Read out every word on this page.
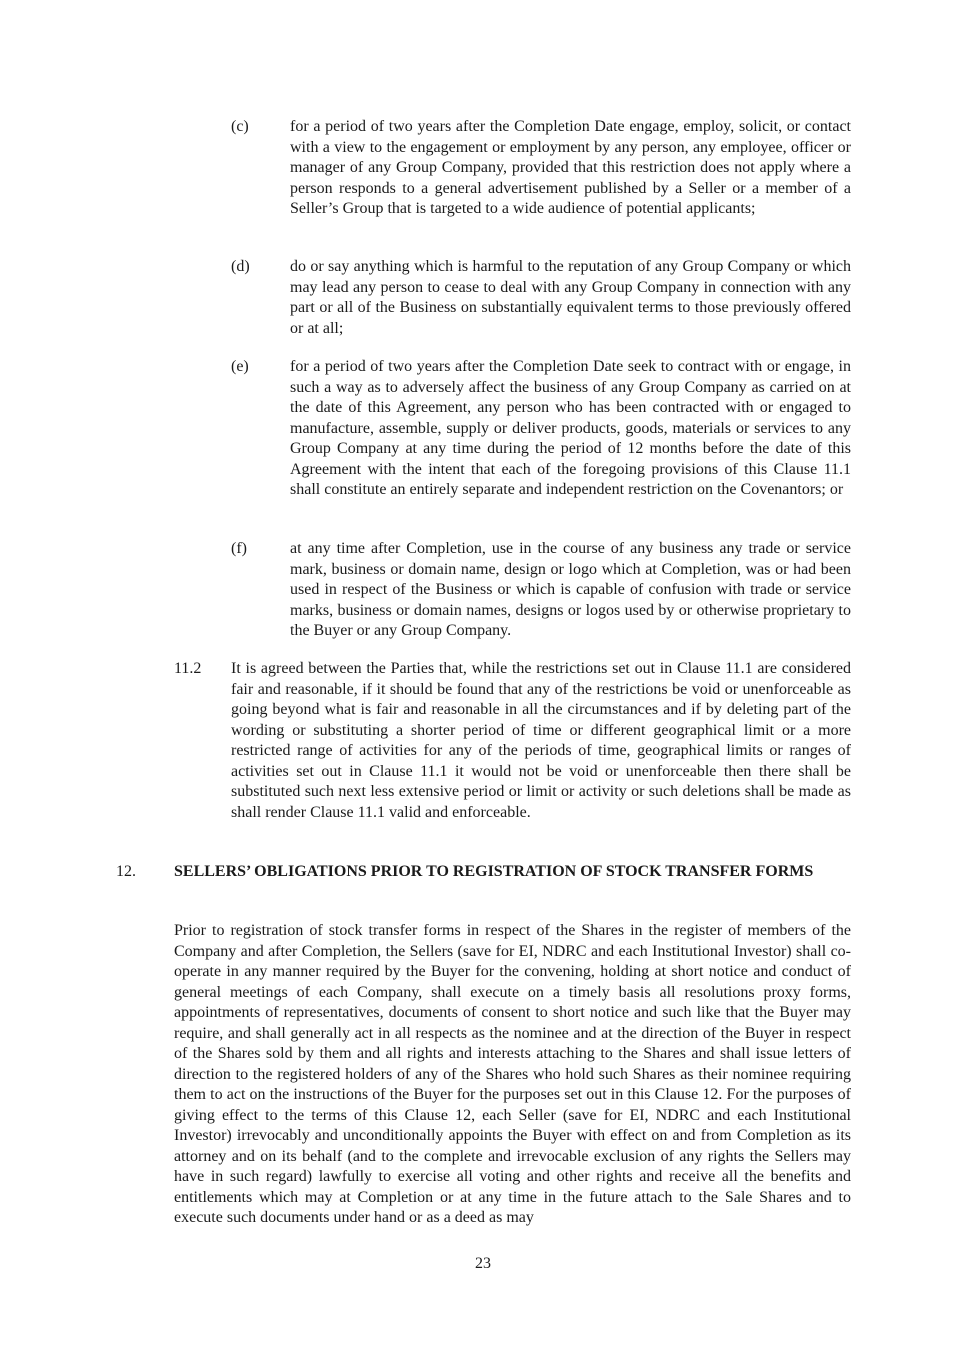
(c)	for a period of two years after the Completion Date engage, employ, solicit, or contact with a view to the engagement or employment by any person, any employee, officer or manager of any Group Company, provided that this restriction does not apply where a person responds to a general advertisement published by a Seller or a member of a Seller’s Group that is targeted to a wide audience of potential applicants;
(d)	do or say anything which is harmful to the reputation of any Group Company or which may lead any person to cease to deal with any Group Company in connection with any part or all of the Business on substantially equivalent terms to those previously offered or at all;
(e)	for a period of two years after the Completion Date seek to contract with or engage, in such a way as to adversely affect the business of any Group Company as carried on at the date of this Agreement, any person who has been contracted with or engaged to manufacture, assemble, supply or deliver products, goods, materials or services to any Group Company at any time during the period of 12 months before the date of this Agreement with the intent that each of the foregoing provisions of this Clause 11.1 shall constitute an entirely separate and independent restriction on the Covenantors; or
(f)	at any time after Completion, use in the course of any business any trade or service mark, business or domain name, design or logo which at Completion, was or had been used in respect of the Business or which is capable of confusion with trade or service marks, business or domain names, designs or logos used by or otherwise proprietary to the Buyer or any Group Company.
11.2 It is agreed between the Parties that, while the restrictions set out in Clause 11.1 are considered fair and reasonable, if it should be found that any of the restrictions be void or unenforceable as going beyond what is fair and reasonable in all the circumstances and if by deleting part of the wording or substituting a shorter period of time or different geographical limit or a more restricted range of activities for any of the periods of time, geographical limits or ranges of activities set out in Clause 11.1 it would not be void or unenforceable then there shall be substituted such next less extensive period or limit or activity or such deletions shall be made as shall render Clause 11.1 valid and enforceable.
12. SELLERS’ OBLIGATIONS PRIOR TO REGISTRATION OF STOCK TRANSFER FORMS
Prior to registration of stock transfer forms in respect of the Shares in the register of members of the Company and after Completion, the Sellers (save for EI, NDRC and each Institutional Investor) shall co-operate in any manner required by the Buyer for the convening, holding at short notice and conduct of general meetings of each Company, shall execute on a timely basis all resolutions proxy forms, appointments of representatives, documents of consent to short notice and such like that the Buyer may require, and shall generally act in all respects as the nominee and at the direction of the Buyer in respect of the Shares sold by them and all rights and interests attaching to the Shares and shall issue letters of direction to the registered holders of any of the Shares who hold such Shares as their nominee requiring them to act on the instructions of the Buyer for the purposes set out in this Clause 12. For the purposes of giving effect to the terms of this Clause 12, each Seller (save for EI, NDRC and each Institutional Investor) irrevocably and unconditionally appoints the Buyer with effect on and from Completion as its attorney and on its behalf (and to the complete and irrevocable exclusion of any rights the Sellers may have in such regard) lawfully to exercise all voting and other rights and receive all the benefits and entitlements which may at Completion or at any time in the future attach to the Sale Shares and to execute such documents under hand or as a deed as may
23
